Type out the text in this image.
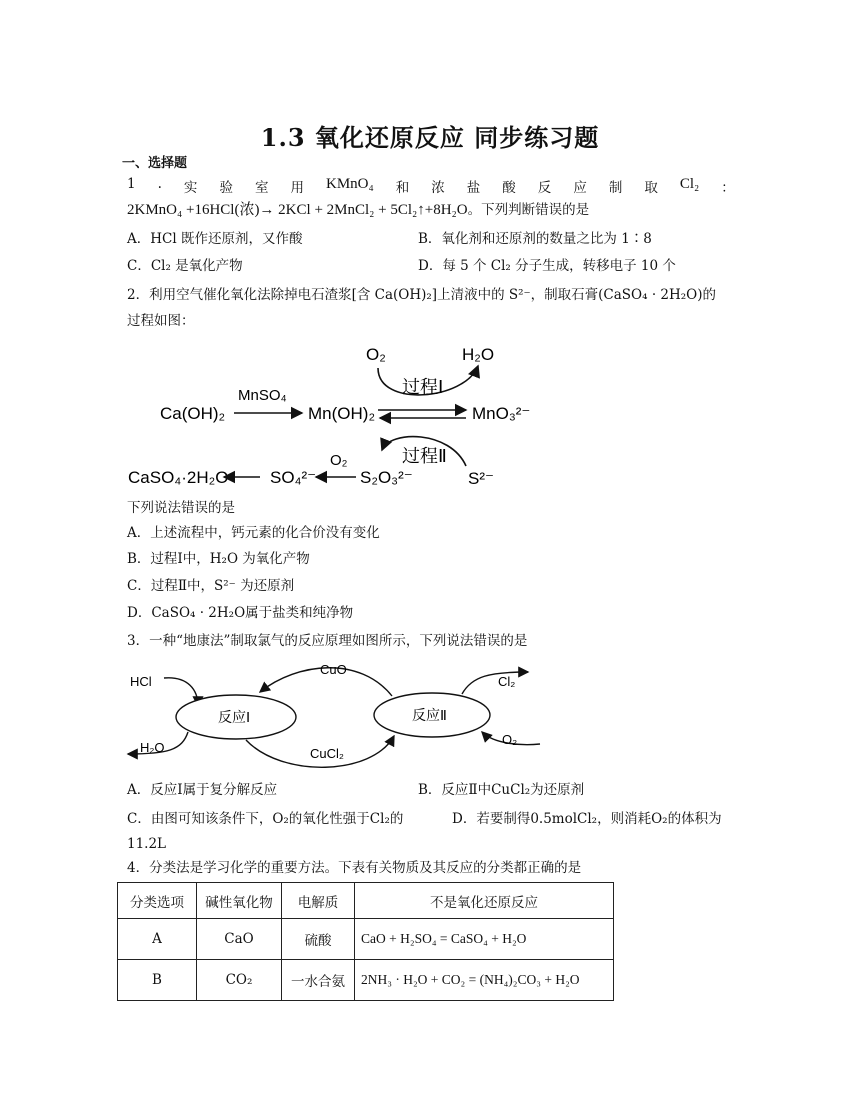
1.3 氧化还原反应 同步练习题
一、选择题
1 . 实 验 室 用 KMnO₄ 和 浓 盐 酸 反 应 制 取 Cl₂ ：
2KMnO₄ +16HCl(浓)→ 2KCl + 2MnCl₂ + 5Cl₂↑+8H₂O。下列判断错误的是
A．HCl 既作还原剂，又作酸	B．氧化剂和还原剂的数量之比为 1∶8
C．Cl₂ 是氧化产物	D．每 5 个 Cl₂ 分子生成，转移电子 10 个
2．利用空气催化氧化法除掉电石渣浆[含 Ca(OH)₂]上清液中的 S²⁻，制取石膏(CaSO₄ · 2H₂O)的
过程如图：
O₂	H₂O
过程Ⅰ
Ca(OH)₂
MnSO₄
Mn(OH)₂	MnO₃²⁻
过程Ⅱ
O₂
CaSO₄·2H₂O SO₄²⁻	S₂O₃²⁻	S²⁻
下列说法错误的是
A．上述流程中，钙元素的化合价没有变化
B．过程Ⅰ中，H₂O 为氧化产物
C．过程Ⅱ中，S²⁻ 为还原剂
D．CaSO₄ · 2H₂O属于盐类和纯净物
3．一种“地康法”制取氯气的反应原理如图所示，下列说法错误的是
HCl
H₂O
反应Ⅰ	反应Ⅱ
CuO
CuCl₂
Cl₂
O₂
A．反应Ⅰ属于复分解反应	B．反应Ⅱ中CuCl₂为还原剂
C．由图可知该条件下，O₂的氧化性强于Cl₂的	D．若要制得0.5molCl₂，则消耗O₂的体积为
11.2L
4．分类法是学习化学的重要方法。下表有关物质及其反应的分类都正确的是
分类选项	碱性氧化物	电解质	不是氧化还原反应
A	CaO	硫酸	CaO + H₂SO₄ = CaSO₄ + H₂O
B	CO₂	一水合氨	2NH₃ · H₂O + CO₂ = (NH₄)₂CO₃ + H₂O
